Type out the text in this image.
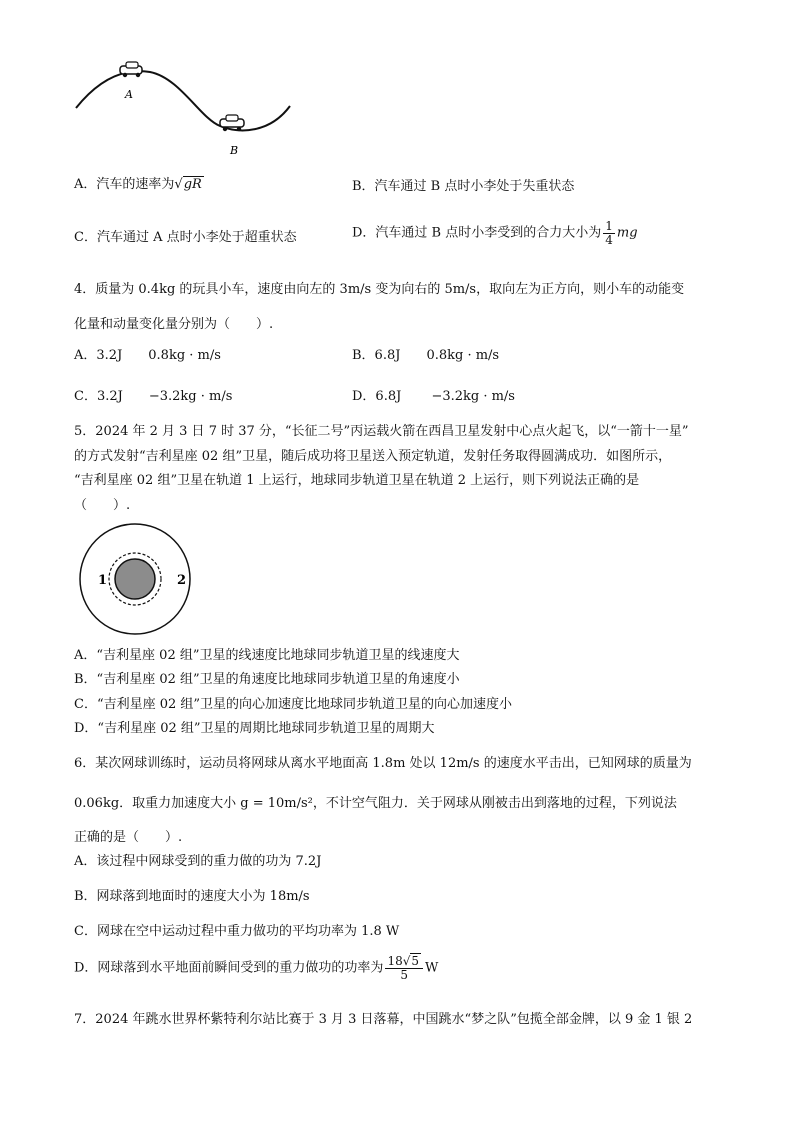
A
B
A．汽车的速率为√gR	B．汽车通过 B 点时小李处于失重状态
C．汽车通过 A 点时小李处于超重状态	D．汽车通过 B 点时小李受到的合力大小为 $\frac{1}{4}$ mg
4．质量为 0.4kg 的玩具小车，速度由向左的 3m/s 变为向右的 5m/s，取向左为正方向，则小车的动能变
化量和动量变化量分别为（　　）.
A．3.2J　　0.8kg · m/s	B．6.8J　　0.8kg · m/s
C．3.2J　　−3.2kg · m/s	D．6.8J　　 −3.2kg · m/s
5．2024 年 2 月 3 日 7 时 37 分，“长征二号”丙运载火箭在西昌卫星发射中心点火起飞，以“一箭十一星”
的方式发射“吉利星座 02 组”卫星，随后成功将卫星送入预定轨道，发射任务取得圆满成功．如图所示，
“吉利星座 02 组”卫星在轨道 1 上运行，地球同步轨道卫星在轨道 2 上运行，则下列说法正确的是
（　　）.
1	2
A．“吉利星座 02 组”卫星的线速度比地球同步轨道卫星的线速度大
B．“吉利星座 02 组”卫星的角速度比地球同步轨道卫星的角速度小
C．“吉利星座 02 组”卫星的向心加速度比地球同步轨道卫星的向心加速度小
D．“吉利星座 02 组”卫星的周期比地球同步轨道卫星的周期大
6．某次网球训练时，运动员将网球从离水平地面高 1.8m 处以 12m/s 的速度水平击出，已知网球的质量为
0.06kg．取重力加速度大小 g = 10m/s²，不计空气阻力．关于网球从刚被击出到落地的过程，下列说法
正确的是（　　）.
A．该过程中网球受到的重力做的功为 7.2J
B．网球落到地面时的速度大小为 18m/s
C．网球在空中运动过程中重力做功的平均功率为 1.8 W
D．网球落到水平地面前瞬间受到的重力做功的功率为 $\frac{18√5}{5}$ W
7．2024 年跳水世界杯紫特利尔站比赛于 3 月 3 日落幕，中国跳水“梦之队”包揽全部金牌，以 9 金 1 银 2
